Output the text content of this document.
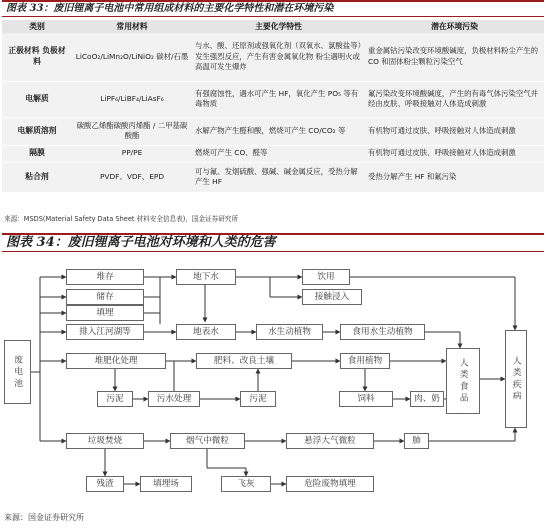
图表 33：废旧锂离子电池中常用组成材料的主要化学特性和潜在环境污染
类别	常用材料	主要化学特性	潜在环境污染
正极材料 负极材料	LiCoO₂/LiMn₂O/LiNiO₂ 碳材/石墨	与水、酸、还原剂或强氧化剂（双氧水、氯酸盐等）发生强烈反应，产生有害金属氧化物 粉尘遇明火或高温可发生爆炸	重金属钴污染改变环境酸碱度，负极材料粉尘产生的 CO 和固体粉尘颗粒污染空气
电解质	LiPF₆/LiBF₄/LiAsF₆	有强腐蚀性，遇水可产生 HF，氧化产生 PO₅ 等有毒物质	氟污染改变环境酸碱度，产生的有毒气体污染空气并经由皮肤、呼吸接触对人体造成刺激
电解质溶剂	碳酸乙烯酯碳酸丙烯酯 / 二甲基碳酸酯	水解产物产生醛和酸，燃烧可产生 CO/CO₂ 等	有机物可通过皮肤、呼吸接触对人体造成刺激
隔膜	PP/PE	燃烧可产生 CO、醛等	有机物可通过皮肤、呼吸接触对人体造成刺激
粘合剂	PVDF、VDF、EPD	可与氟、发烟硫酸、强碱、碱金属反应，受热分解产生 HF	受热分解产生 HF 和氟污染
来源：MSDS(Material Safety Data Sheet 材料安全信息表)，国金证券研究所
图表 34：废旧锂离子电池对环境和人类的危害
废电池
堆存
储存
填埋
排入江河湖等
地下水	饮用
接触浸入
地表水	水生动植物	食用水生动植物
堆肥化处理	肥料、改良土壤	食用植物
污泥	污水处理	污泥	饲料	肉、奶	人类食品	人类疾病
垃圾焚烧	烟气中微粒	悬浮大气微粒	肺
残渣	填埋场	飞灰	危险废物填埋
来源：国金证券研究所
